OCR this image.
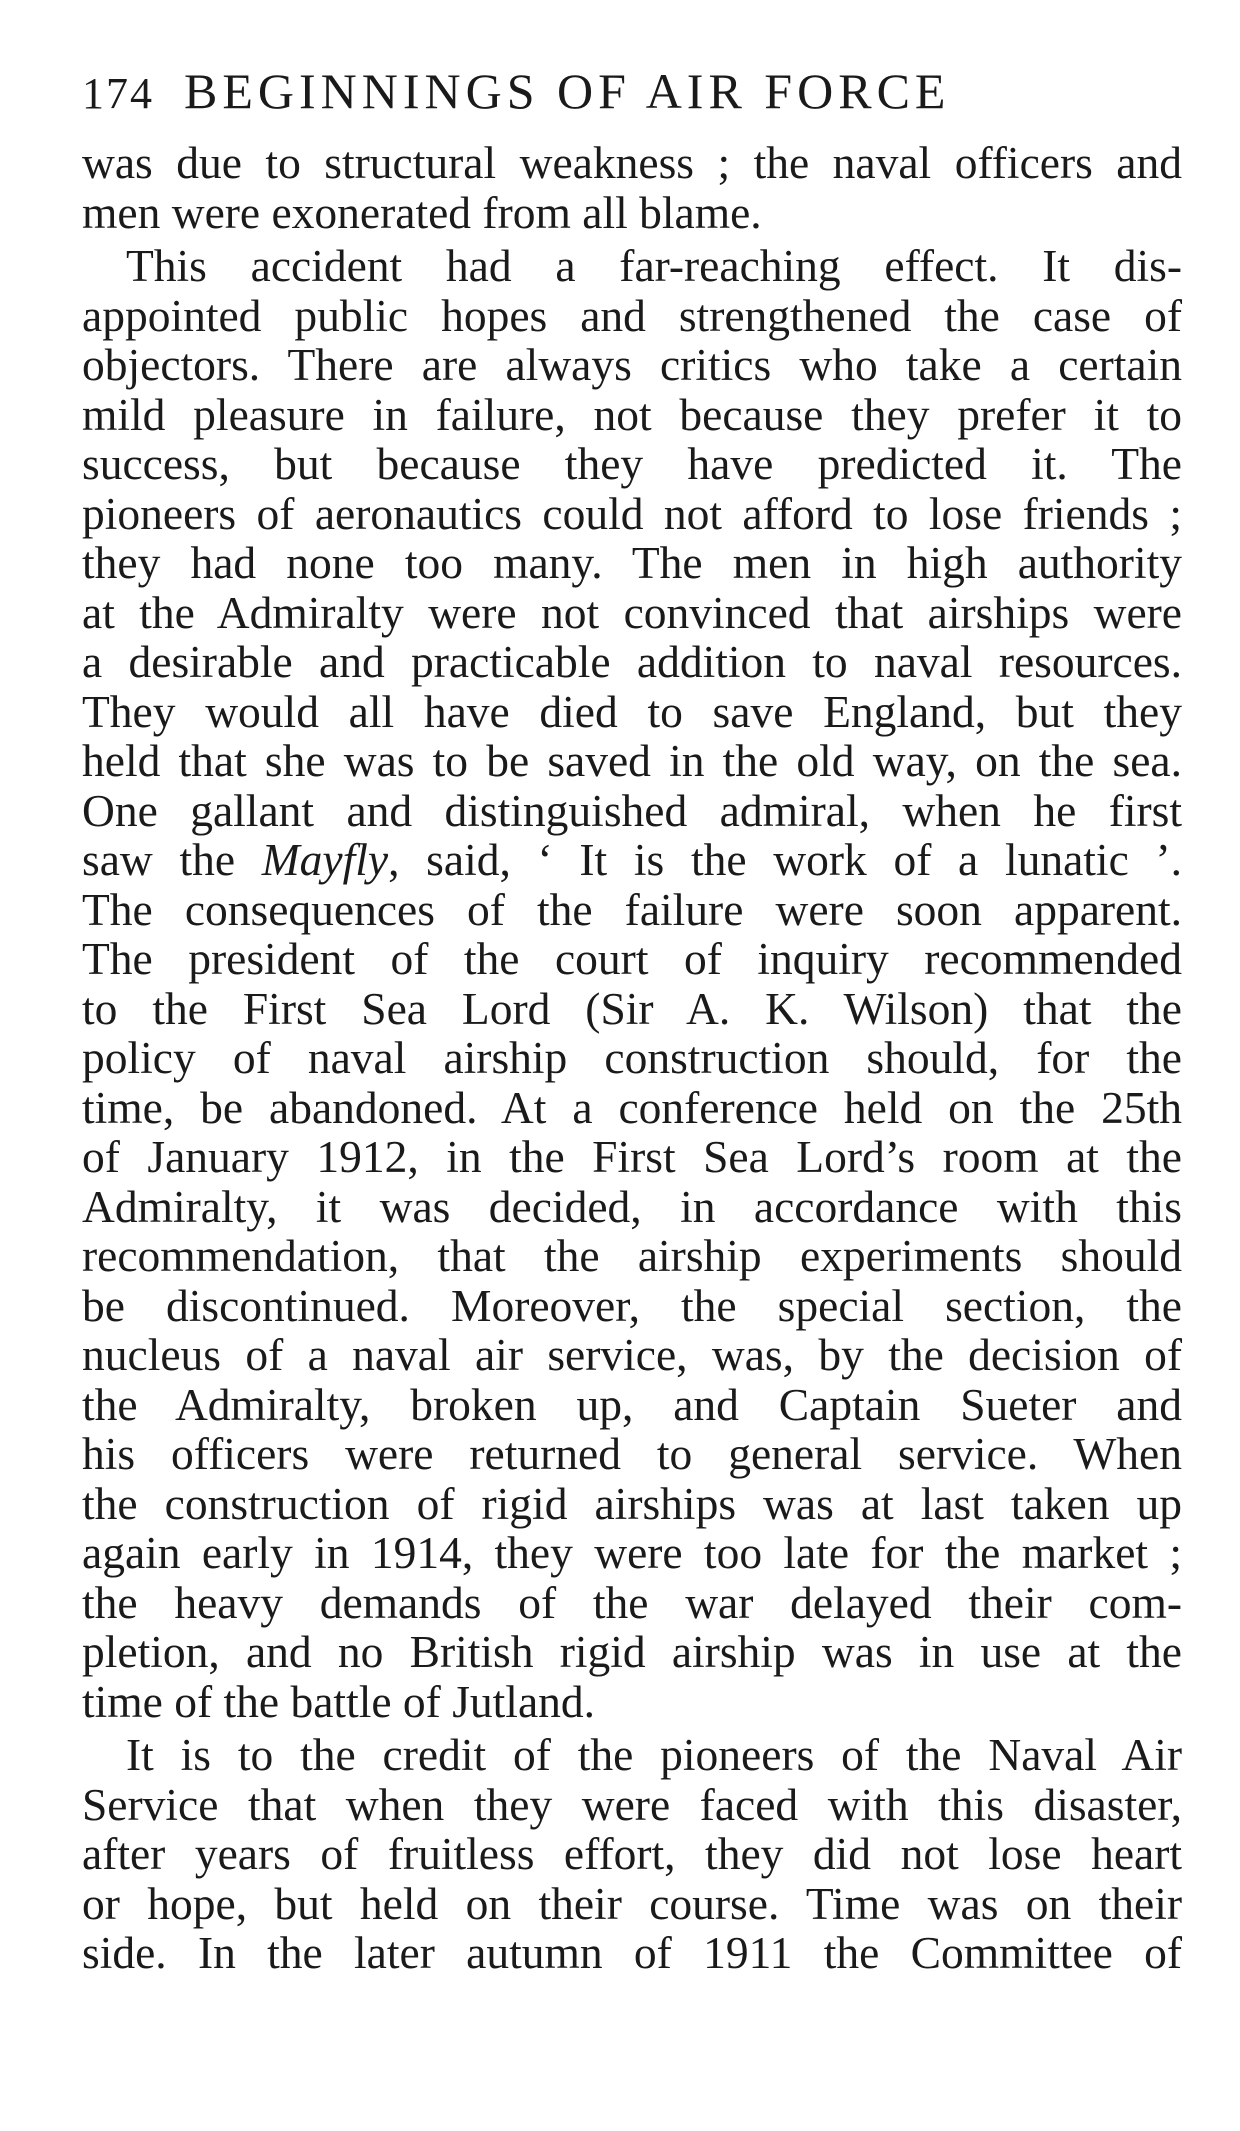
174 BEGINNINGS OF AIR FORCE

was due to structural weakness ; the naval officers and
men were exonerated from all blame.

This accident had a far-reaching effect. It dis-
appointed public hopes and strengthened the case of
objectors. There are always critics who take a certain
mild pleasure in failure, not because they prefer it to
success, but because they have predicted it. The
pioneers of aeronautics could not afford to lose friends ;
they had none too many. The men in high authority
at the Admiralty were not convinced that airships were
a desirable and practicable addition to naval resources.
They would all have died to save England, but they
held that she was to be saved in the old way, on the sea.
One gallant and distinguished admiral, when he first
saw the Mayfly, said, ‘ It is the work of a lunatic ’.
The consequences of the failure were soon apparent.
The president of the court of inquiry recommended
to the First Sea Lord (Sir A. K. Wilson) that the
policy of naval airship construction should, for the
time, be abandoned. At a conference held on the 25th
of January 1912, in the First Sea Lord’s room at the
Admiralty, it was decided, in accordance with this
recommendation, that the airship experiments should
be discontinued. Moreover, the special section, the
nucleus of a naval air service, was, by the decision of
the Admiralty, broken up, and Captain Sueter and
his officers were returned to general service. When
the construction of rigid airships was at last taken up
again early in 1914, they were too late for the market ;
the heavy demands of the war delayed their com-
pletion, and no British rigid airship was in use at the
time of the battle of Jutland.

It is to the credit of the pioneers of the Naval Air
Service that when they were faced with this disaster,
after years of fruitless effort, they did not lose heart
or hope, but held on their course. Time was on their
side. In the later autumn of 1911 the Committee of
